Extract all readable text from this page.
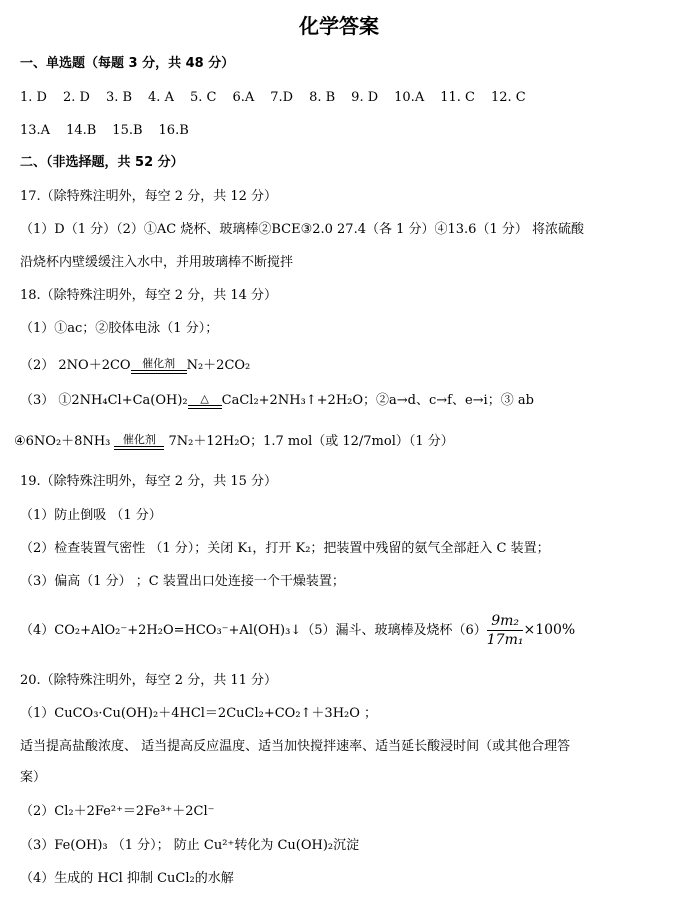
化学答案
一、单选题（每题 3 分，共 48 分）
1. D 2. D 3. B 4. A 5. C 6.A 7.D 8. B 9. D 10.A 11. C 12. C
13.A 14.B 15.B 16.B
二、（非选择题，共 52 分）
17.（除特殊注明外，每空 2 分，共 12 分）
（1）D（1 分）（2）①AC 烧杯、玻璃棒②BCE③2.0 27.4（各 1 分）④13.6（1 分） 将浓硫酸
沿烧杯内壁缓缓注入水中，并用玻璃棒不断搅拌
18.（除特殊注明外，每空 2 分，共 14 分）
（1）①ac；②胶体电泳（1 分）；
（2） 2NO＋2CO	催化剂 N₂＋2CO₂
（3） ①2NH₄Cl+Ca(OH)₂	△ CaCl₂+2NH₃↑+2H₂O；②a→d、c→f、e→i；③ ab
④6NO₂＋8NH₃	催化剂 7N₂＋12H₂O；1.7 mol（或 12/7mol）（1 分）
19.（除特殊注明外，每空 2 分，共 15 分）
（1）防止倒吸 （1 分）
（2）检查装置气密性 （1 分）；关闭 K₁，打开 K₂；把装置中残留的氨气全部赶入 C 装置；
（3）偏高（1 分） ；C 装置出口处连接一个干燥装置；
（4）CO₂+AlO₂⁻+2H₂O=HCO₃⁻+Al(OH)₃↓（5）漏斗、玻璃棒及烧杯$(6) \frac{\text{9m₂}}{\text{17m₁}} \times 100\%$
20.（除特殊注明外，每空 2 分，共 11 分）
（1）CuCO₃·Cu(OH)₂＋4HCl＝2CuCl₂+CO₂↑＋3H₂O ；
适当提高盐酸浓度、 适当提高反应温度、适当加快搅拌速率、适当延长酸浸时间（或其他合理答
案）
（2）Cl₂＋2Fe²⁺＝2Fe³⁺＋2Cl⁻
（3）Fe(OH)₃ （1 分）； 防止 Cu²⁺转化为 Cu(OH)₂沉淀
（4）生成的 HCl 抑制 CuCl₂的水解
